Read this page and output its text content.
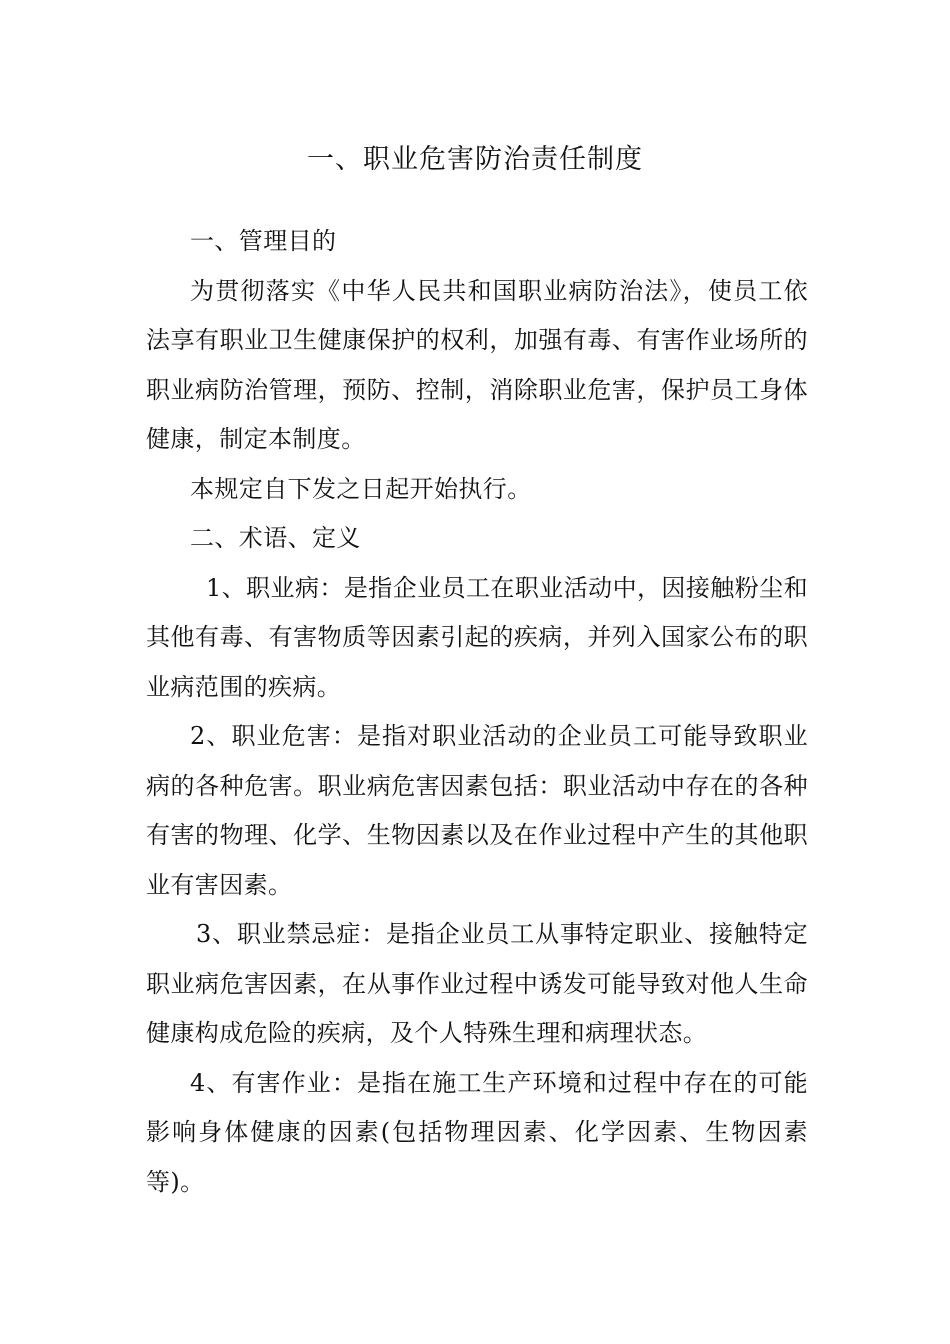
一、职业危害防治责任制度

一、管理目的

为贯彻落实《中华人民共和国职业病防治法》，使员工依法享有职业卫生健康保护的权利，加强有毒、有害作业场所的职业病防治管理，预防、控制，消除职业危害，保护员工身体健康，制定本制度。

本规定自下发之日起开始执行。

二、术语、定义

1、职业病：是指企业员工在职业活动中，因接触粉尘和其他有毒、有害物质等因素引起的疾病，并列入国家公布的职业病范围的疾病。

2、职业危害：是指对职业活动的企业员工可能导致职业病的各种危害。职业病危害因素包括：职业活动中存在的各种有害的物理、化学、生物因素以及在作业过程中产生的其他职业有害因素。

3、职业禁忌症：是指企业员工从事特定职业、接触特定职业病危害因素，在从事作业过程中诱发可能导致对他人生命健康构成危险的疾病，及个人特殊生理和病理状态。

4、有害作业：是指在施工生产环境和过程中存在的可能影响身体健康的因素(包括物理因素、化学因素、生物因素等)。
